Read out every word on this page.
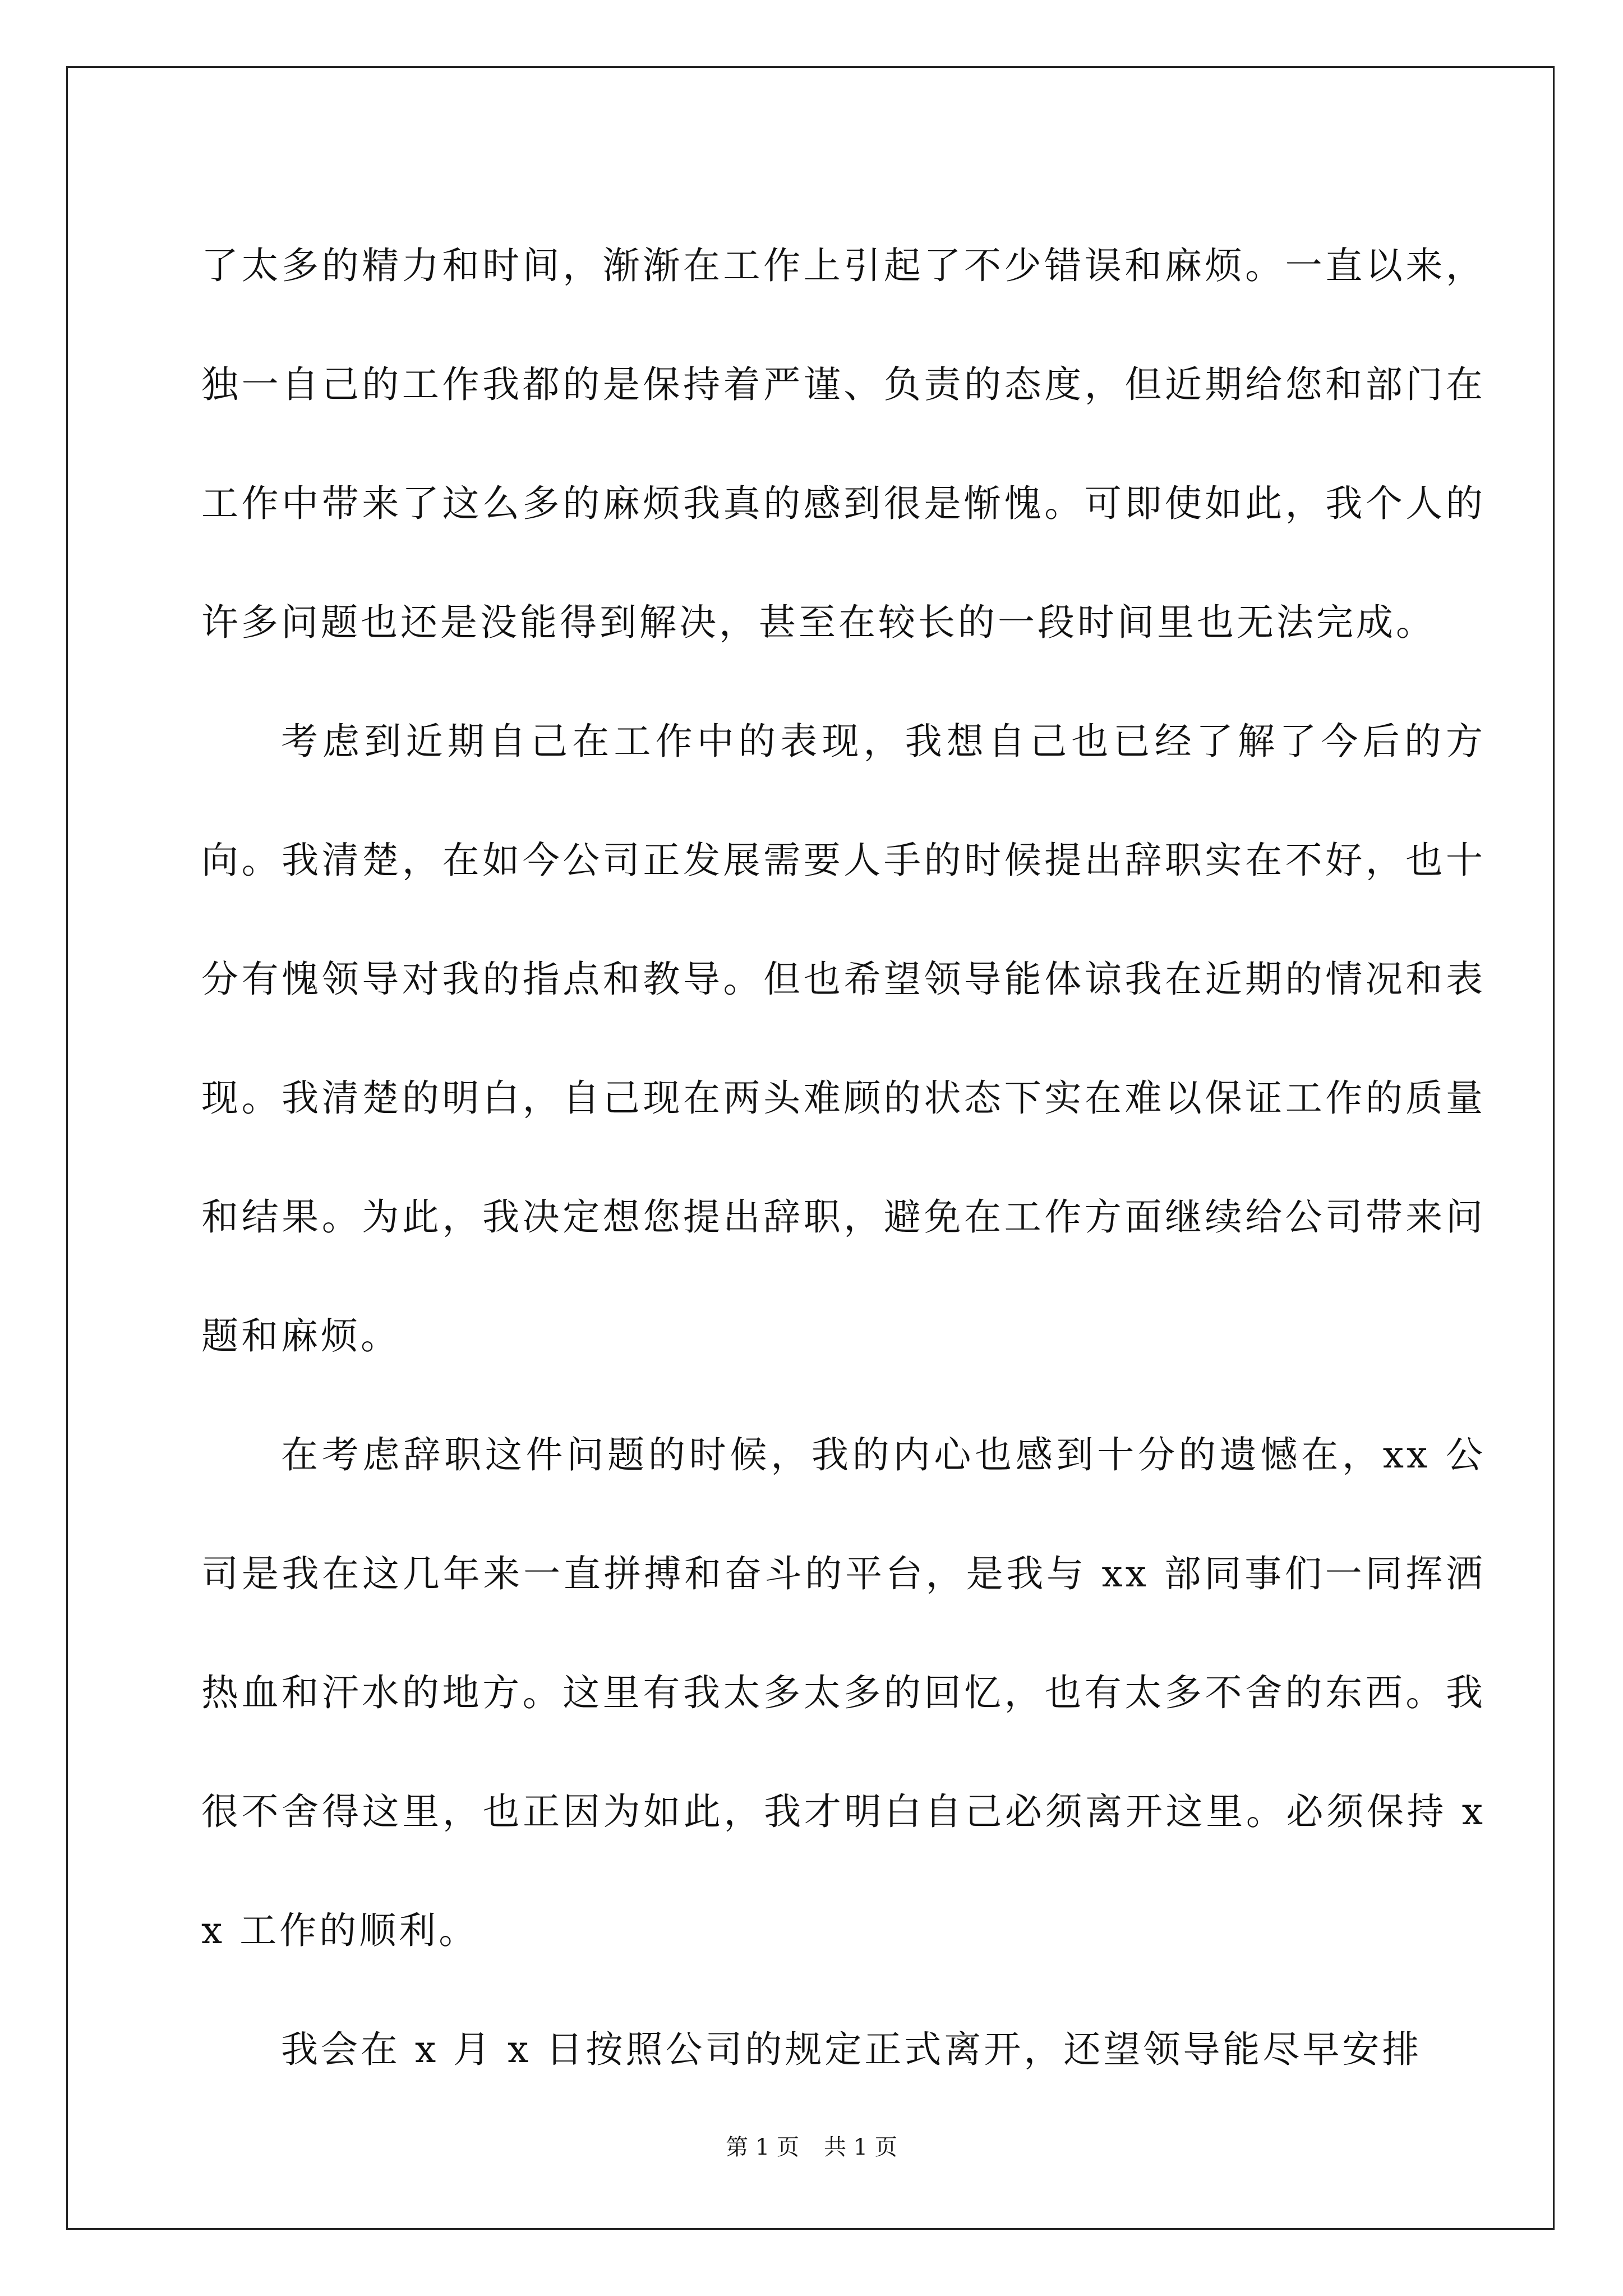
了太多的精力和时间，渐渐在工作上引起了不少错误和麻烦。一直以来，独一自己的工作我都的是保持着严谨、负责的态度，但近期给您和部门在工作中带来了这么多的麻烦我真的感到很是惭愧。可即使如此，我个人的许多问题也还是没能得到解决，甚至在较长的一段时间里也无法完成。

考虑到近期自己在工作中的表现，我想自己也已经了解了今后的方向。我清楚，在如今公司正发展需要人手的时候提出辞职实在不好，也十分有愧领导对我的指点和教导。但也希望领导能体谅我在近期的情况和表现。我清楚的明白，自己现在两头难顾的状态下实在难以保证工作的质量和结果。为此，我决定想您提出辞职，避免在工作方面继续给公司带来问题和麻烦。

在考虑辞职这件问题的时候，我的内心也感到十分的遗憾在，xx 公司是我在这几年来一直拼搏和奋斗的平台，是我与 xx 部同事们一同挥洒热血和汗水的地方。这里有我太多太多的回忆，也有太多不舍的东西。我很不舍得这里，也正因为如此，我才明白自己必须离开这里。必须保持 xx 工作的顺利。

我会在 x 月 x 日按照公司的规定正式离开，还望领导能尽早安排

第 1 页 共 1 页
